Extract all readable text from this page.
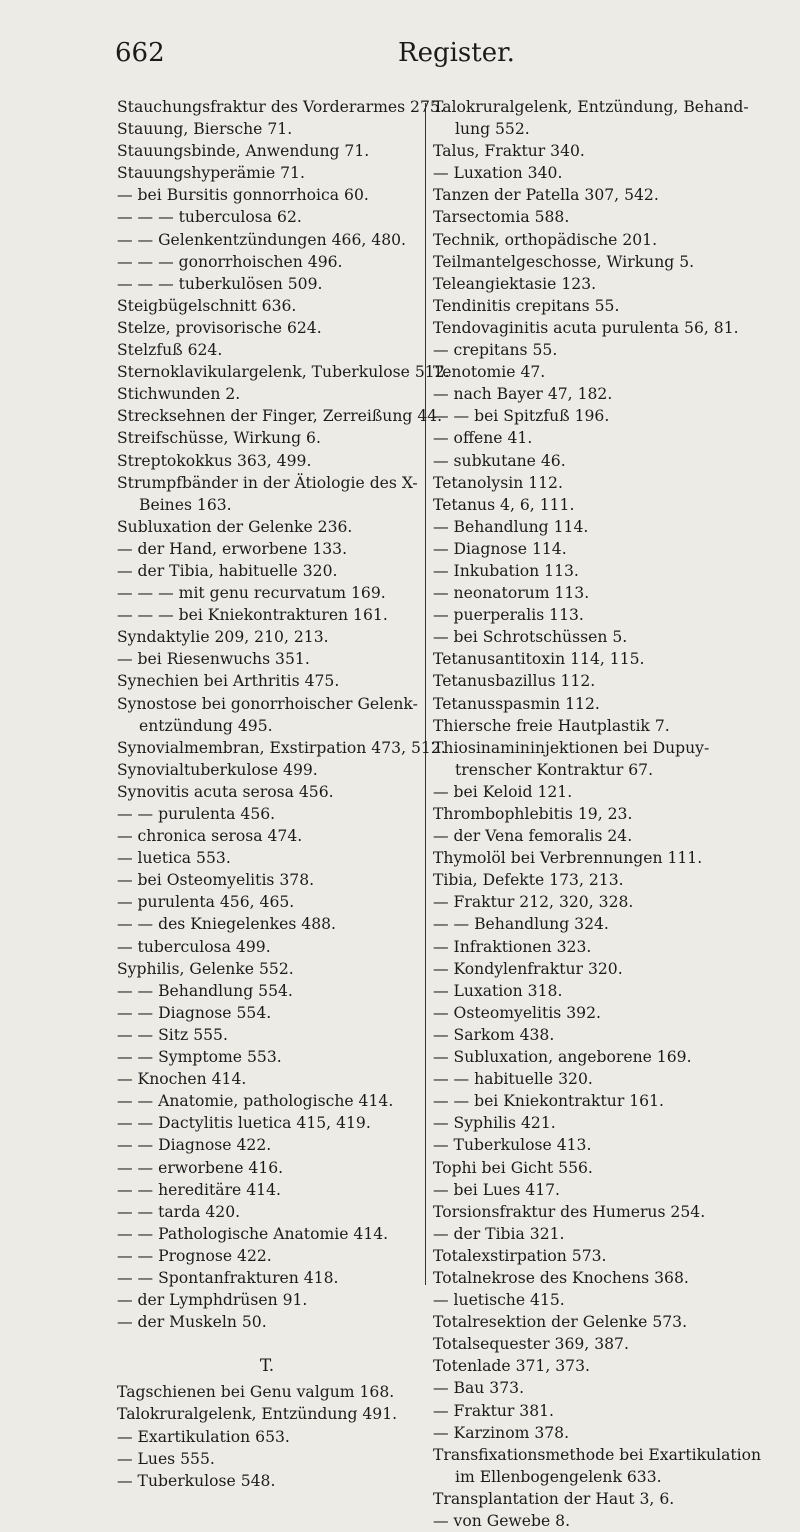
662	Register.
Stauchungsfraktur des Vorderarmes 275.
Stauung, Biersche 71.
Stauungsbinde, Anwendung 71.
Stauungshyperämie 71.
— bei Bursitis gonnorrhoica 60.
— — — tuberculosa 62.
— — Gelenkentzündungen 466, 480.
— — — gonorrhoischen 496.
— — — tuberkulösen 509.
Steigbügelschnitt 636.
Stelze, provisorische 624.
Stelzfuß 624.
Sternoklavikulargelenk, Tuberkulose 512.
Stichwunden 2.
Strecksehnen der Finger, Zerreißung 44.
Streifschüsse, Wirkung 6.
Streptokokkus 363, 499.
Strumpfbänder in der Ätiologie des X-
Beines 163.
Subluxation der Gelenke 236.
— der Hand, erworbene 133.
— der Tibia, habituelle 320.
— — — mit genu recurvatum 169.
— — — bei Kniekontrakturen 161.
Syndaktylie 209, 210, 213.
— bei Riesenwuchs 351.
Synechien bei Arthritis 475.
Synostose bei gonorrhoischer Gelenk-
entzündung 495.
Synovialmembran, Exstirpation 473, 512.
Synovialtuberkulose 499.
Synovitis acuta serosa 456.
— — purulenta 456.
— chronica serosa 474.
— luetica 553.
— bei Osteomyelitis 378.
— purulenta 456, 465.
— — des Kniegelenkes 488.
— tuberculosa 499.
Syphilis, Gelenke 552.
— — Behandlung 554.
— — Diagnose 554.
— — Sitz 555.
— — Symptome 553.
— Knochen 414.
— — Anatomie, pathologische 414.
— — Dactylitis luetica 415, 419.
— — Diagnose 422.
— — erworbene 416.
— — hereditäre 414.
— — tarda 420.
— — Pathologische Anatomie 414.
— — Prognose 422.
— — Spontanfrakturen 418.
— der Lymphdrüsen 91.
— der Muskeln 50.
T.
Tagschienen bei Genu valgum 168.
Talokruralgelenk, Entzündung 491.
— Exartikulation 653.
— Lues 555.
— Tuberkulose 548.
Talokruralgelenk, Entzündung, Behand-
lung 552.
Talus, Fraktur 340.
— Luxation 340.
Tanzen der Patella 307, 542.
Tarsectomia 588.
Technik, orthopädische 201.
Teilmantelgeschosse, Wirkung 5.
Teleangiektasie 123.
Tendinitis crepitans 55.
Tendovaginitis acuta purulenta 56, 81.
— crepitans 55.
Tenotomie 47.
— nach Bayer 47, 182.
— — bei Spitzfuß 196.
— offene 41.
— subkutane 46.
Tetanolysin 112.
Tetanus 4, 6, 111.
— Behandlung 114.
— Diagnose 114.
— Inkubation 113.
— neonatorum 113.
— puerperalis 113.
— bei Schrotschüssen 5.
Tetanusantitoxin 114, 115.
Tetanusbazillus 112.
Tetanusspasmin 112.
Thiersche freie Hautplastik 7.
Thiosinamininjektionen bei Dupuy-
trenscher Kontraktur 67.
— bei Keloid 121.
Thrombophlebitis 19, 23.
— der Vena femoralis 24.
Thymolöl bei Verbrennungen 111.
Tibia, Defekte 173, 213.
— Fraktur 212, 320, 328.
— — Behandlung 324.
— Infraktionen 323.
— Kondylenfraktur 320.
— Luxation 318.
— Osteomyelitis 392.
— Sarkom 438.
— Subluxation, angeborene 169.
— — habituelle 320.
— — bei Kniekontraktur 161.
— Syphilis 421.
— Tuberkulose 413.
Tophi bei Gicht 556.
— bei Lues 417.
Torsionsfraktur des Humerus 254.
— der Tibia 321.
Totalexstirpation 573.
Totalnekrose des Knochens 368.
— luetische 415.
Totalresektion der Gelenke 573.
Totalsequester 369, 387.
Totenlade 371, 373.
— Bau 373.
— Fraktur 381.
— Karzinom 378.
Transfixationsmethode bei Exartikulation
im Ellenbogengelenk 633.
Transplantation der Haut 3, 6.
— von Gewebe 8.
